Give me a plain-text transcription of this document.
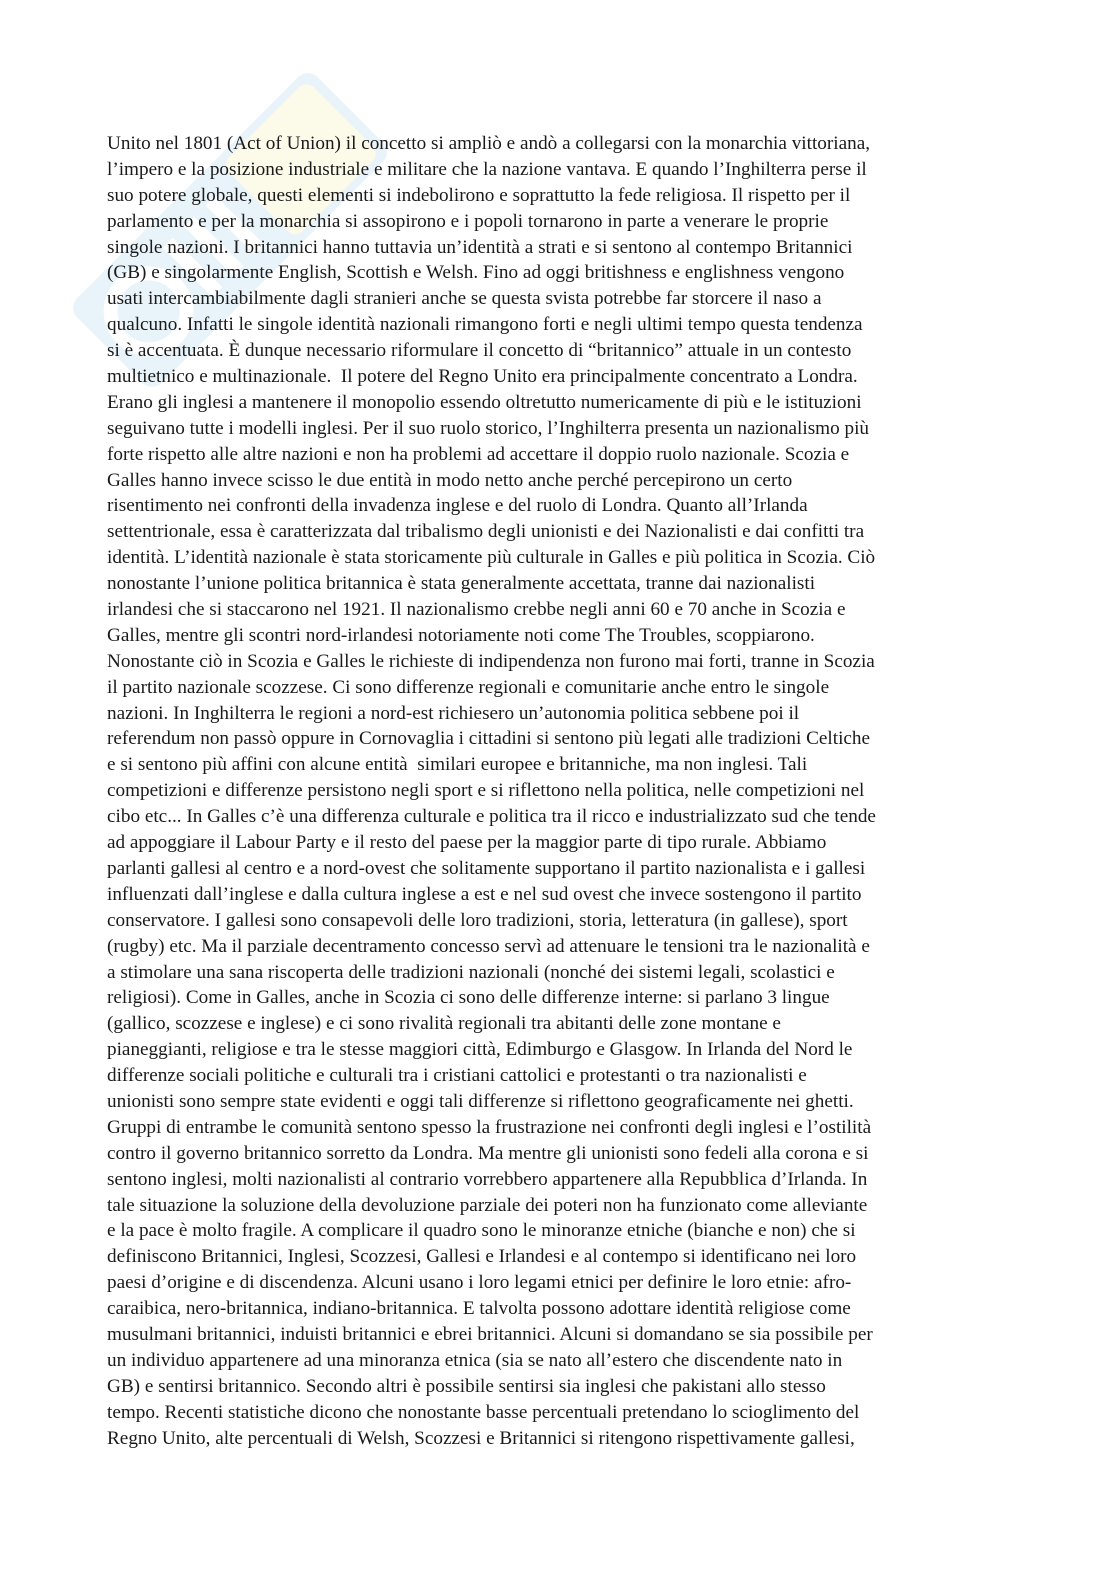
Unito nel 1801 (Act of Union) il concetto si ampliò e andò a collegarsi con la monarchia vittoriana,

l’impero e la posizione industriale e militare che la nazione vantava. E quando l’Inghilterra perse il

suo potere globale, questi elementi si indebolirono e soprattutto la fede religiosa. Il rispetto per il

parlamento e per la monarchia si assopirono e i popoli tornarono in parte a venerare le proprie

singole nazioni. I britannici hanno tuttavia un’identità a strati e si sentono al contempo Britannici

(GB) e singolarmente English, Scottish e Welsh. Fino ad oggi britishness e englishness vengono

usati intercambiabilmente dagli stranieri anche se questa svista potrebbe far storcere il naso a

qualcuno. Infatti le singole identità nazionali rimangono forti e negli ultimi tempo questa tendenza

si è accentuata. È dunque necessario riformulare il concetto di “britannico” attuale in un contesto

multietnico e multinazionale.  Il potere del Regno Unito era principalmente concentrato a Londra.

Erano gli inglesi a mantenere il monopolio essendo oltretutto numericamente di più e le istituzioni

seguivano tutte i modelli inglesi. Per il suo ruolo storico, l’Inghilterra presenta un nazionalismo più

forte rispetto alle altre nazioni e non ha problemi ad accettare il doppio ruolo nazionale. Scozia e

Galles hanno invece scisso le due entità in modo netto anche perché percepirono un certo

risentimento nei confronti della invadenza inglese e del ruolo di Londra. Quanto all’Irlanda

settentrionale, essa è caratterizzata dal tribalismo degli unionisti e dei Nazionalisti e dai confitti tra

identità. L’identità nazionale è stata storicamente più culturale in Galles e più politica in Scozia. Ciò

nonostante l’unione politica britannica è stata generalmente accettata, tranne dai nazionalisti

irlandesi che si staccarono nel 1921. Il nazionalismo crebbe negli anni 60 e 70 anche in Scozia e

Galles, mentre gli scontri nord-irlandesi notoriamente noti come The Troubles, scoppiarono.

Nonostante ciò in Scozia e Galles le richieste di indipendenza non furono mai forti, tranne in Scozia

il partito nazionale scozzese. Ci sono differenze regionali e comunitarie anche entro le singole

nazioni. In Inghilterra le regioni a nord-est richiesero un’autonomia politica sebbene poi il

referendum non passò oppure in Cornovaglia i cittadini si sentono più legati alle tradizioni Celtiche

e si sentono più affini con alcune entità  similari europee e britanniche, ma non inglesi. Tali

competizioni e differenze persistono negli sport e si riflettono nella politica, nelle competizioni nel

cibo etc... In Galles c’è una differenza culturale e politica tra il ricco e industrializzato sud che tende

ad appoggiare il Labour Party e il resto del paese per la maggior parte di tipo rurale. Abbiamo

parlanti gallesi al centro e a nord-ovest che solitamente supportano il partito nazionalista e i gallesi

influenzati dall’inglese e dalla cultura inglese a est e nel sud ovest che invece sostengono il partito

conservatore. I gallesi sono consapevoli delle loro tradizioni, storia, letteratura (in gallese), sport

(rugby) etc. Ma il parziale decentramento concesso servì ad attenuare le tensioni tra le nazionalità e

a stimolare una sana riscoperta delle tradizioni nazionali (nonché dei sistemi legali, scolastici e

religiosi). Come in Galles, anche in Scozia ci sono delle differenze interne: si parlano 3 lingue

(gallico, scozzese e inglese) e ci sono rivalità regionali tra abitanti delle zone montane e

pianeggianti, religiose e tra le stesse maggiori città, Edimburgo e Glasgow. In Irlanda del Nord le

differenze sociali politiche e culturali tra i cristiani cattolici e protestanti o tra nazionalisti e

unionisti sono sempre state evidenti e oggi tali differenze si riflettono geograficamente nei ghetti.

Gruppi di entrambe le comunità sentono spesso la frustrazione nei confronti degli inglesi e l’ostilità

contro il governo britannico sorretto da Londra. Ma mentre gli unionisti sono fedeli alla corona e si

sentono inglesi, molti nazionalisti al contrario vorrebbero appartenere alla Repubblica d’Irlanda. In

tale situazione la soluzione della devoluzione parziale dei poteri non ha funzionato come alleviante

e la pace è molto fragile. A complicare il quadro sono le minoranze etniche (bianche e non) che si

definiscono Britannici, Inglesi, Scozzesi, Gallesi e Irlandesi e al contempo si identificano nei loro

paesi d’origine e di discendenza. Alcuni usano i loro legami etnici per definire le loro etnie: afro-

caraibica, nero-britannica, indiano-britannica. E talvolta possono adottare identità religiose come

musulmani britannici, induisti britannici e ebrei britannici. Alcuni si domandano se sia possibile per

un individuo appartenere ad una minoranza etnica (sia se nato all’estero che discendente nato in

GB) e sentirsi britannico. Secondo altri è possibile sentirsi sia inglesi che pakistani allo stesso

tempo. Recenti statistiche dicono che nonostante basse percentuali pretendano lo scioglimento del

Regno Unito, alte percentuali di Welsh, Scozzesi e Britannici si ritengono rispettivamente gallesi,
